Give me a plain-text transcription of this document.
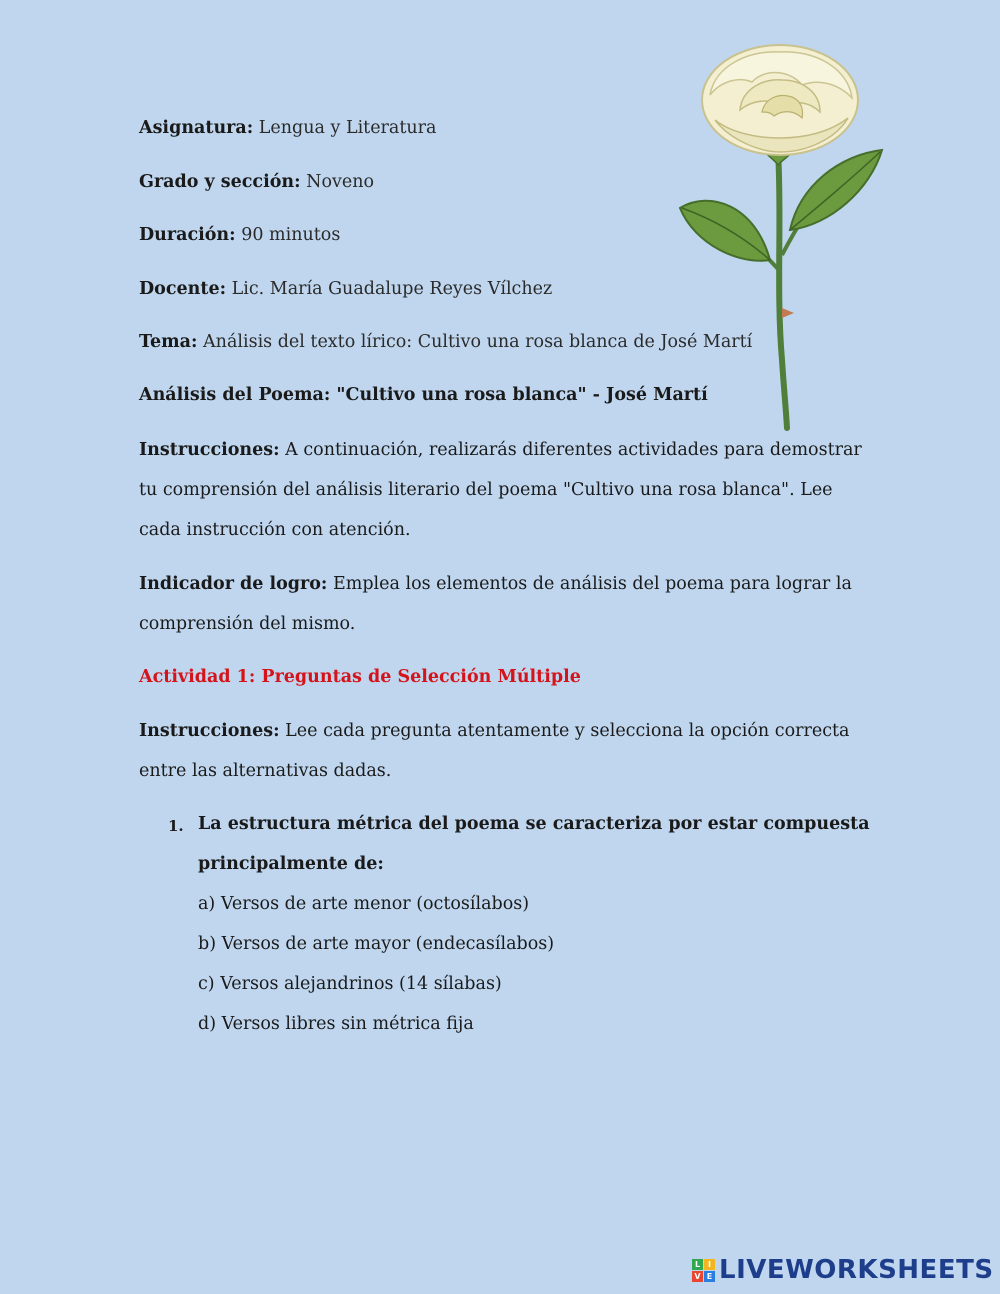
Asignatura: Lengua y Literatura
Grado y sección: Noveno
Duración: 90 minutos
Docente: Lic. María Guadalupe Reyes Vílchez
Tema: Análisis del texto lírico: Cultivo una rosa blanca de José Martí
Análisis del Poema: "Cultivo una rosa blanca" - José Martí
Instrucciones: A continuación, realizarás diferentes actividades para demostrar tu comprensión del análisis literario del poema "Cultivo una rosa blanca". Lee cada instrucción con atención.
Indicador de logro: Emplea los elementos de análisis del poema para lograr la comprensión del mismo.
Actividad 1: Preguntas de Selección Múltiple
Instrucciones: Lee cada pregunta atentamente y selecciona la opción correcta entre las alternativas dadas.
1. La estructura métrica del poema se caracteriza por estar compuesta
principalmente de:
a) Versos de arte menor (octosílabos)
b) Versos de arte mayor (endecasílabos)
c) Versos alejandrinos (14 sílabas)
d) Versos libres sin métrica fija
L I
V E LIVEWORKSHEETS
